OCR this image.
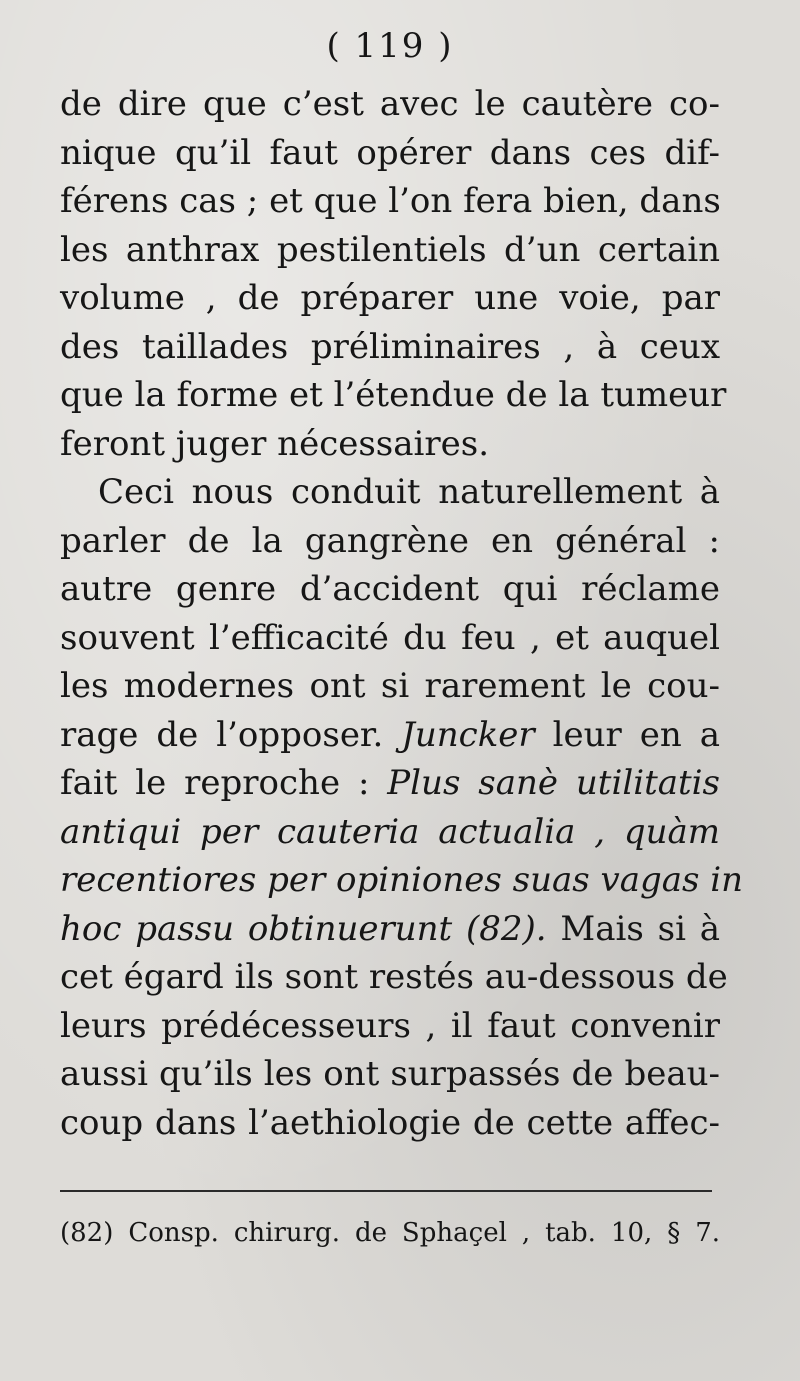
( 119 )
de dire que c’est avec le cautère co-
nique qu’il faut opérer dans ces dif-
férens cas ; et que l’on fera bien, dans
les anthrax pestilentiels d’un certain
volume , de préparer une voie, par
des taillades préliminaires , à ceux
que la forme et l’étendue de la tumeur
feront juger nécessaires.
Ceci nous conduit naturellement à
parler de la gangrène en général :
autre genre d’accident qui réclame
souvent l’efficacité du feu , et auquel
les modernes ont si rarement le cou-
rage de l’opposer. Juncker leur en a
fait le reproche : Plus sanè utilitatis
antiqui per cauteria actualia , quàm
recentiores per opiniones suas vagas in
hoc passu obtinuerunt (82). Mais si à
cet égard ils sont restés au-dessous de
leurs prédécesseurs , il faut convenir
aussi qu’ils les ont surpassés de beau-
coup dans l’aethiologie de cette affec-
(82) Consp. chirurg. de Sphaçel , tab. 10, § 7.
